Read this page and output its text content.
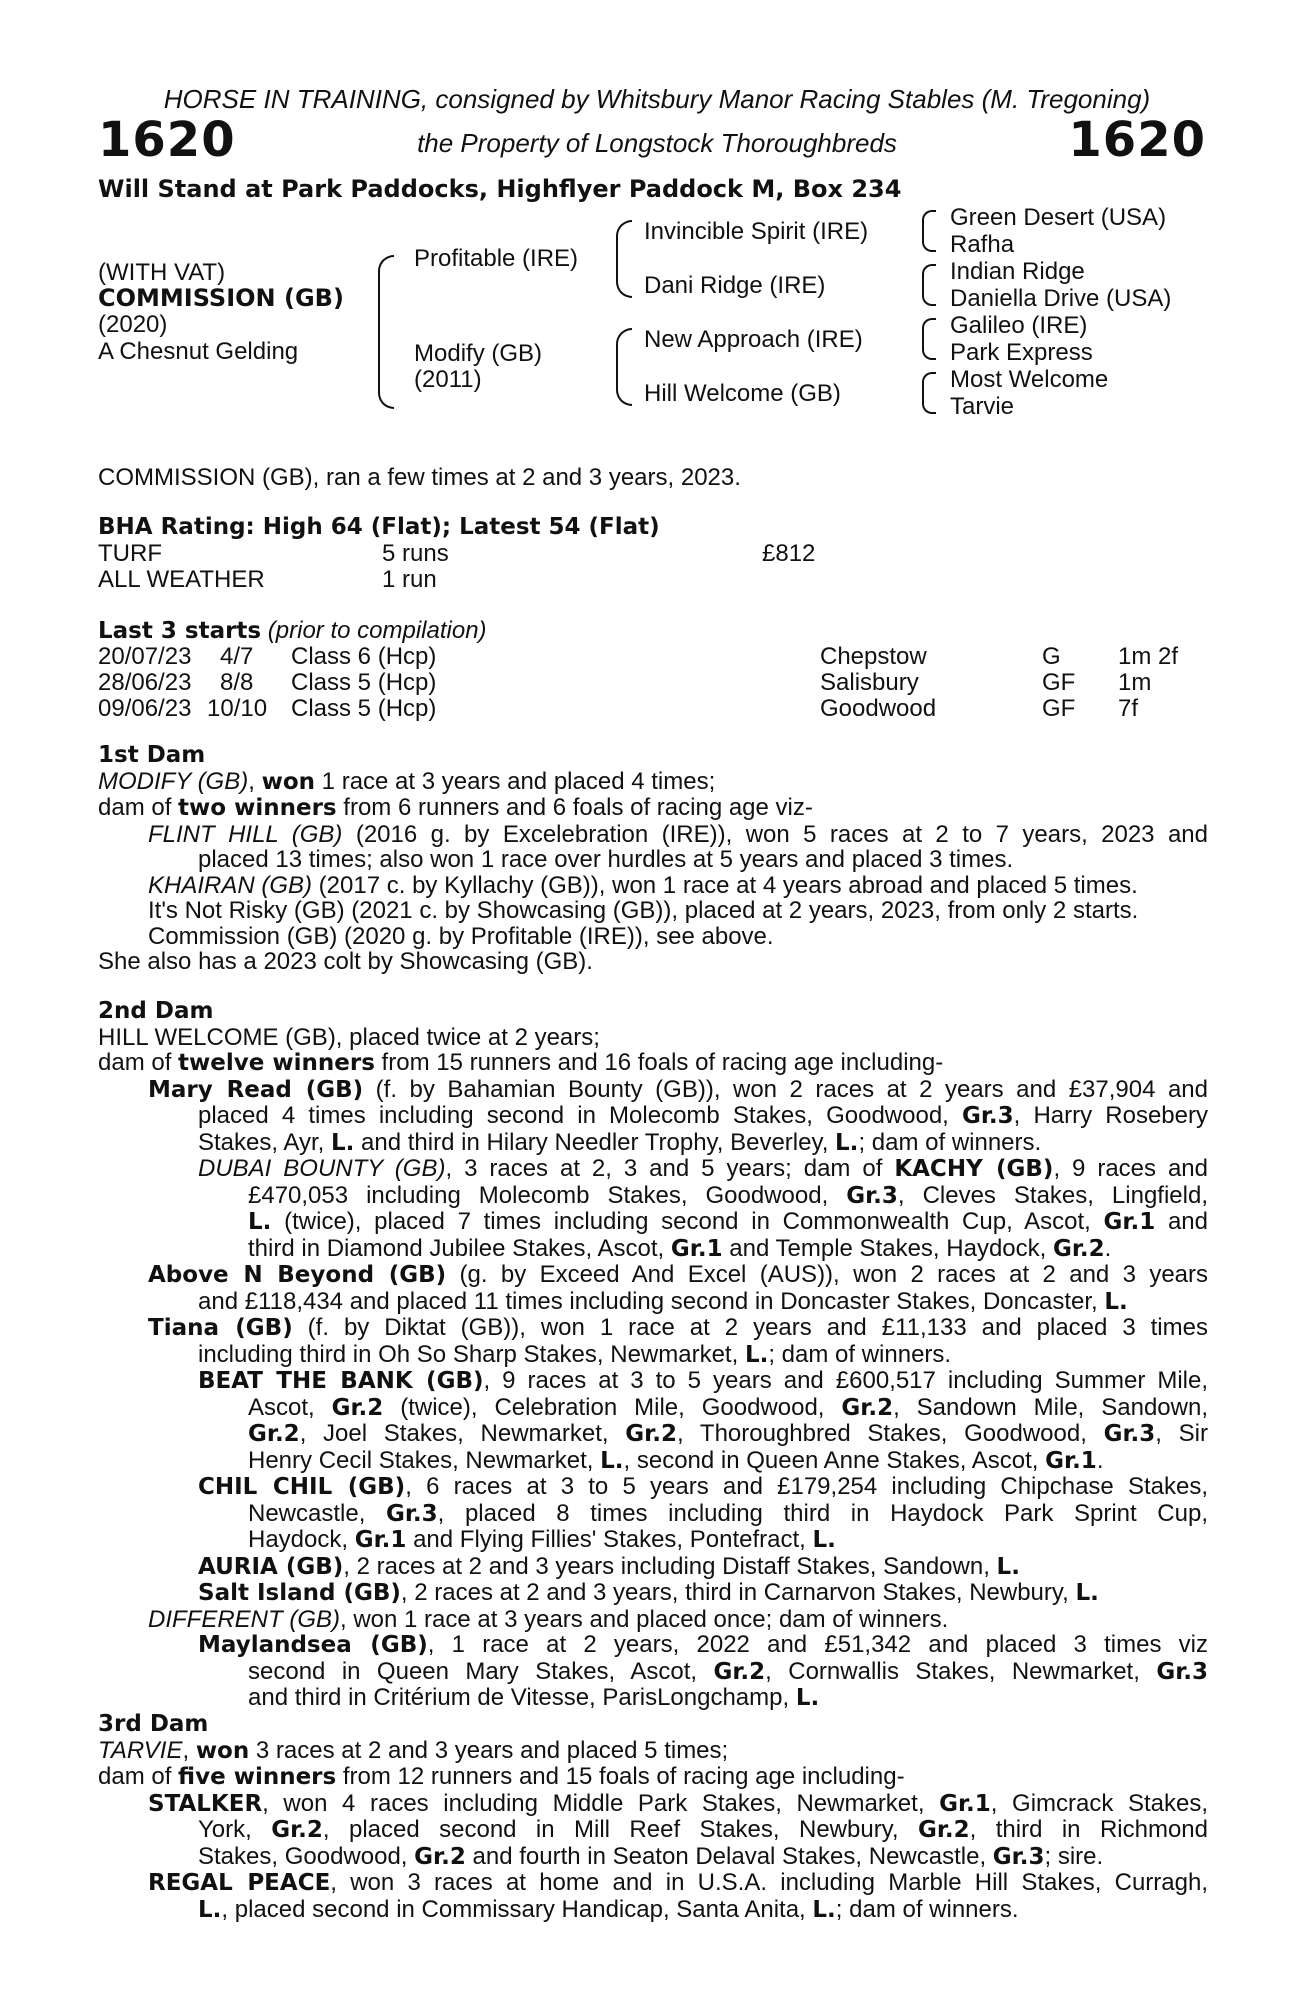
HORSE IN TRAINING, consigned by Whitsbury Manor Racing Stables (M. Tregoning)
1620	the Property of Longstock Thoroughbreds	1620
Will Stand at Park Paddocks, Highflyer Paddock M, Box 234
(WITH VAT)
COMMISSION (GB)
(2020)
A Chesnut Gelding
Profitable (IRE)
Modify (GB)
(2011)
Invincible Spirit (IRE)
Dani Ridge (IRE)
New Approach (IRE)
Hill Welcome (GB)
Green Desert (USA)
Rafha
Indian Ridge
Daniella Drive (USA)
Galileo (IRE)
Park Express
Most Welcome
Tarvie
COMMISSION (GB), ran a few times at 2 and 3 years, 2023.
BHA Rating: High 64 (Flat); Latest 54 (Flat)
TURF	5 runs	£812
ALL WEATHER	1 run
Last 3 starts (prior to compilation)
20/07/23 4/7 Class 6 (Hcp)	Chepstow	G 1m 2f
28/06/23 8/8 Class 5 (Hcp)	Salisbury	GF 1m
09/06/23 10/10 Class 5 (Hcp)	Goodwood	GF 7f
1st Dam
MODIFY (GB), won 1 race at 3 years and placed 4 times;
dam of two winners from 6 runners and 6 foals of racing age viz-
FLINT HILL (GB) (2016 g. by Excelebration (IRE)), won 5 races at 2 to 7 years, 2023 and
placed 13 times; also won 1 race over hurdles at 5 years and placed 3 times.
KHAIRAN (GB) (2017 c. by Kyllachy (GB)), won 1 race at 4 years abroad and placed 5 times.
It's Not Risky (GB) (2021 c. by Showcasing (GB)), placed at 2 years, 2023, from only 2 starts.
Commission (GB) (2020 g. by Profitable (IRE)), see above.
She also has a 2023 colt by Showcasing (GB).
2nd Dam
HILL WELCOME (GB), placed twice at 2 years;
dam of twelve winners from 15 runners and 16 foals of racing age including-
Mary Read (GB) (f. by Bahamian Bounty (GB)), won 2 races at 2 years and £37,904 and
placed 4 times including second in Molecomb Stakes, Goodwood, Gr.3, Harry Rosebery
Stakes, Ayr, L. and third in Hilary Needler Trophy, Beverley, L.; dam of winners.
DUBAI BOUNTY (GB), 3 races at 2, 3 and 5 years; dam of KACHY (GB), 9 races and
£470,053 including Molecomb Stakes, Goodwood, Gr.3, Cleves Stakes, Lingfield,
L. (twice), placed 7 times including second in Commonwealth Cup, Ascot, Gr.1 and
third in Diamond Jubilee Stakes, Ascot, Gr.1 and Temple Stakes, Haydock, Gr.2.
Above N Beyond (GB) (g. by Exceed And Excel (AUS)), won 2 races at 2 and 3 years
and £118,434 and placed 11 times including second in Doncaster Stakes, Doncaster, L.
Tiana (GB) (f. by Diktat (GB)), won 1 race at 2 years and £11,133 and placed 3 times
including third in Oh So Sharp Stakes, Newmarket, L.; dam of winners.
BEAT THE BANK (GB), 9 races at 3 to 5 years and £600,517 including Summer Mile,
Ascot, Gr.2 (twice), Celebration Mile, Goodwood, Gr.2, Sandown Mile, Sandown,
Gr.2, Joel Stakes, Newmarket, Gr.2, Thoroughbred Stakes, Goodwood, Gr.3, Sir
Henry Cecil Stakes, Newmarket, L., second in Queen Anne Stakes, Ascot, Gr.1.
CHIL CHIL (GB), 6 races at 3 to 5 years and £179,254 including Chipchase Stakes,
Newcastle, Gr.3, placed 8 times including third in Haydock Park Sprint Cup,
Haydock, Gr.1 and Flying Fillies' Stakes, Pontefract, L.
AURIA (GB), 2 races at 2 and 3 years including Distaff Stakes, Sandown, L.
Salt Island (GB), 2 races at 2 and 3 years, third in Carnarvon Stakes, Newbury, L.
DIFFERENT (GB), won 1 race at 3 years and placed once; dam of winners.
Maylandsea (GB), 1 race at 2 years, 2022 and £51,342 and placed 3 times viz
second in Queen Mary Stakes, Ascot, Gr.2, Cornwallis Stakes, Newmarket, Gr.3
and third in Critérium de Vitesse, ParisLongchamp, L.
3rd Dam
TARVIE, won 3 races at 2 and 3 years and placed 5 times;
dam of five winners from 12 runners and 15 foals of racing age including-
STALKER, won 4 races including Middle Park Stakes, Newmarket, Gr.1, Gimcrack Stakes,
York, Gr.2, placed second in Mill Reef Stakes, Newbury, Gr.2, third in Richmond
Stakes, Goodwood, Gr.2 and fourth in Seaton Delaval Stakes, Newcastle, Gr.3; sire.
REGAL PEACE, won 3 races at home and in U.S.A. including Marble Hill Stakes, Curragh,
L., placed second in Commissary Handicap, Santa Anita, L.; dam of winners.
